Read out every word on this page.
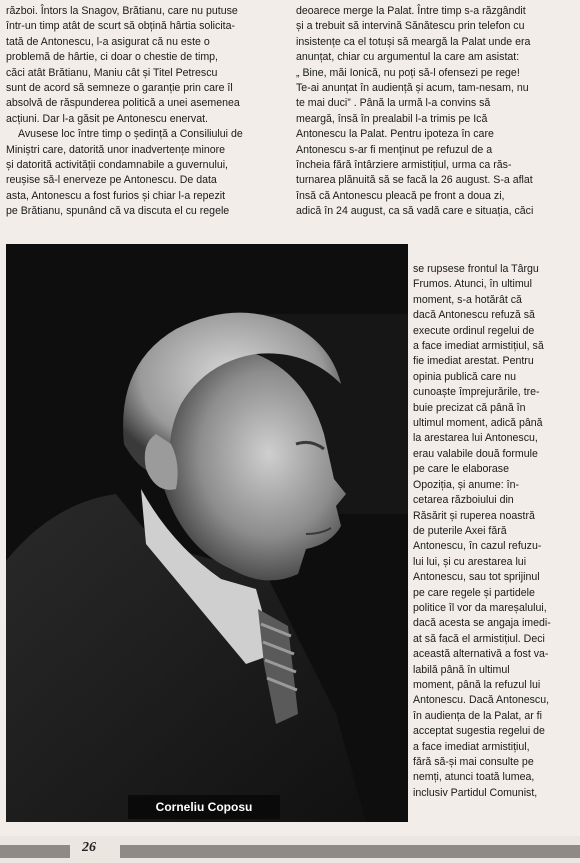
război. Întors la Snagov, Brătianu, care nu putuse

într-un timp atât de scurt să obțină hârtia solicita-

tată de Antonescu, l-a asigurat că nu este o

problemă de hârtie, ci doar o chestie de timp,

căci atât Brătianu, Maniu cât și Titel Petrescu

sunt de acord să semneze o garanție prin care îl

absolvă de răspunderea politică a unei asemenea

acțiuni. Dar l-a găsit pe Antonescu enervat.

Avusese loc între timp o ședință a Consiliului de

Miniștri care, datorită unor inadvertențe minore

și datorită activității condamnabile a guvernului,

reușise să-l enerveze pe Antonescu. De data

asta, Antonescu a fost furios și chiar l-a repezit

pe Brătianu, spunând că va discuta el cu regele

deoarece merge la Palat. Între timp s-a răzgândit

și a trebuit să intervină Sănătescu prin telefon cu

insistențe ca el totuși să meargă la Palat unde era

anunțat, chiar cu argumentul la care am asistat:

„ Bine, măi Ionică, nu poți să-l ofensezi pe rege!

Te-ai anunțat în audiență și acum, tam-nesam, nu

te mai duci” . Până la urmă l-a convins să

meargă, însă în prealabil l-a trimis pe Ică

Antonescu la Palat. Pentru ipoteza în care

Antonescu s-ar fi menținut pe refuzul de a

încheia fără întârziere armistițiul, urma ca răs-

turnarea plănuită să se facă la 26 august. S-a aflat

însă că Antonescu pleacă pe front a doua zi,

adică în 24 august, ca să vadă care e situația, căci

Corneliu Coposu

se rupsese frontul la Târgu

Frumos. Atunci, în ultimul

moment, s-a hotărât că

dacă Antonescu refuză să

execute ordinul regelui de

a face imediat armistițiul, să

fie imediat arestat. Pentru

opinia publică care nu

cunoaște împrejurările, tre-

buie precizat că până în

ultimul moment, adică până

la arestarea lui Antonescu,

erau valabile două formule

pe care le elaborase

Opoziția, și anume: în-

cetarea războiului din

Răsărit și ruperea noastră

de puterile Axei fără

Antonescu, în cazul refuzu-

lui lui, și cu arestarea lui

Antonescu, sau tot sprijinul

pe care regele și partidele

politice îl vor da mareșalului,

dacă acesta se angaja imedi-

at să facă el armistițiul. Deci

această alternativă a fost va-

labilă până în ultimul

moment, până la refuzul lui

Antonescu. Dacă Antonescu,

în audiența de la Palat, ar fi

acceptat sugestia regelui de

a face imediat armistițiul,

fără să-și mai consulte pe

nemți, atunci toată lumea,

inclusiv Partidul Comunist,

26
